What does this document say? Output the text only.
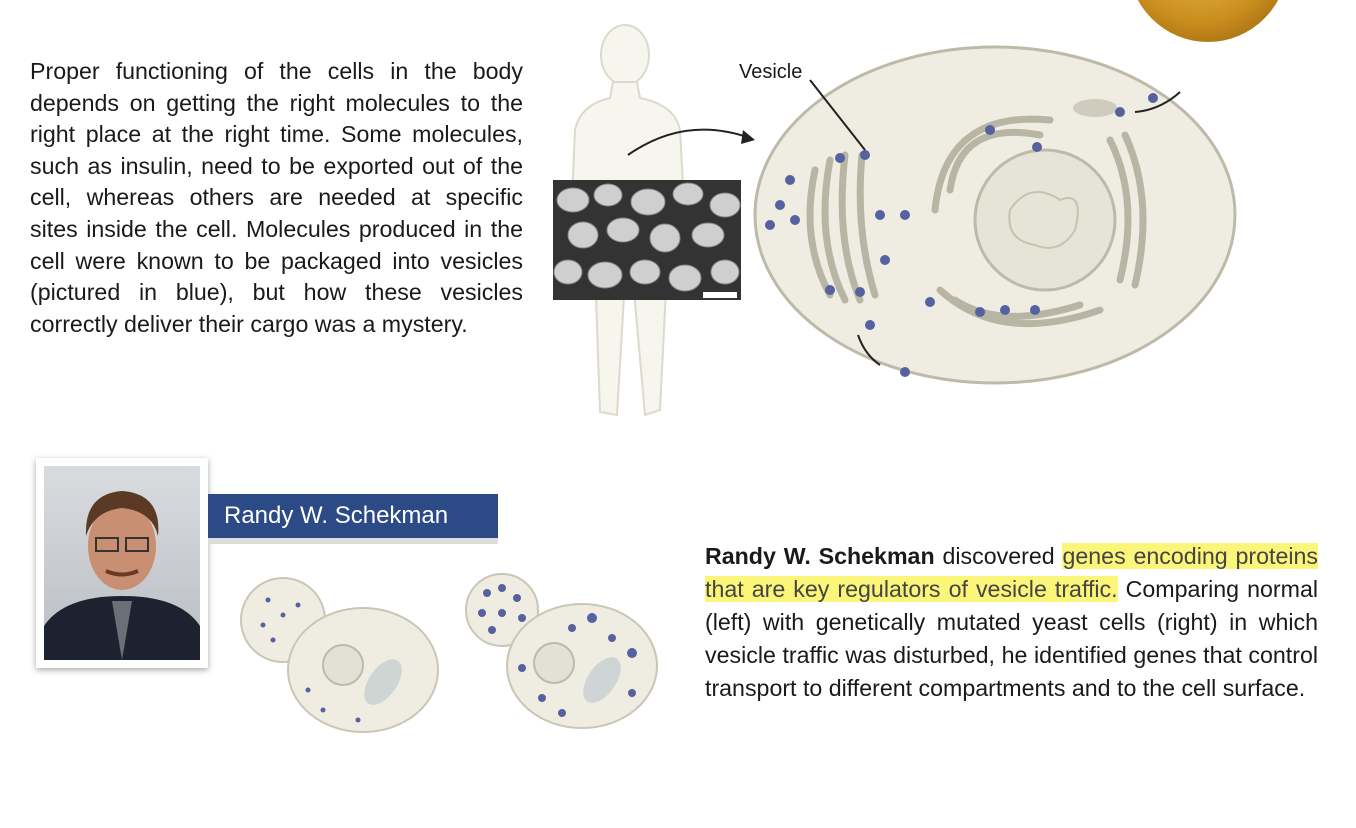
Proper functioning of the cells in the body depends on getting the right molecules to the right place at the right time. Some molecules, such as insulin, need to be exported out of the cell, whereas others are needed at specific sites inside the cell. Molecules produced in the cell were known to be packaged into vesicles (pictured in blue), but how these vesicles correctly deliver their cargo was a mystery.

Vesicle
Randy W. Schekman

Randy W. Schekman discovered genes encoding proteins that are key regulators of vesicle traffic. Comparing normal (left) with genetically mutated yeast cells (right) in which vesicle traffic was disturbed, he identified genes that control transport to different compartments and to the cell surface.
